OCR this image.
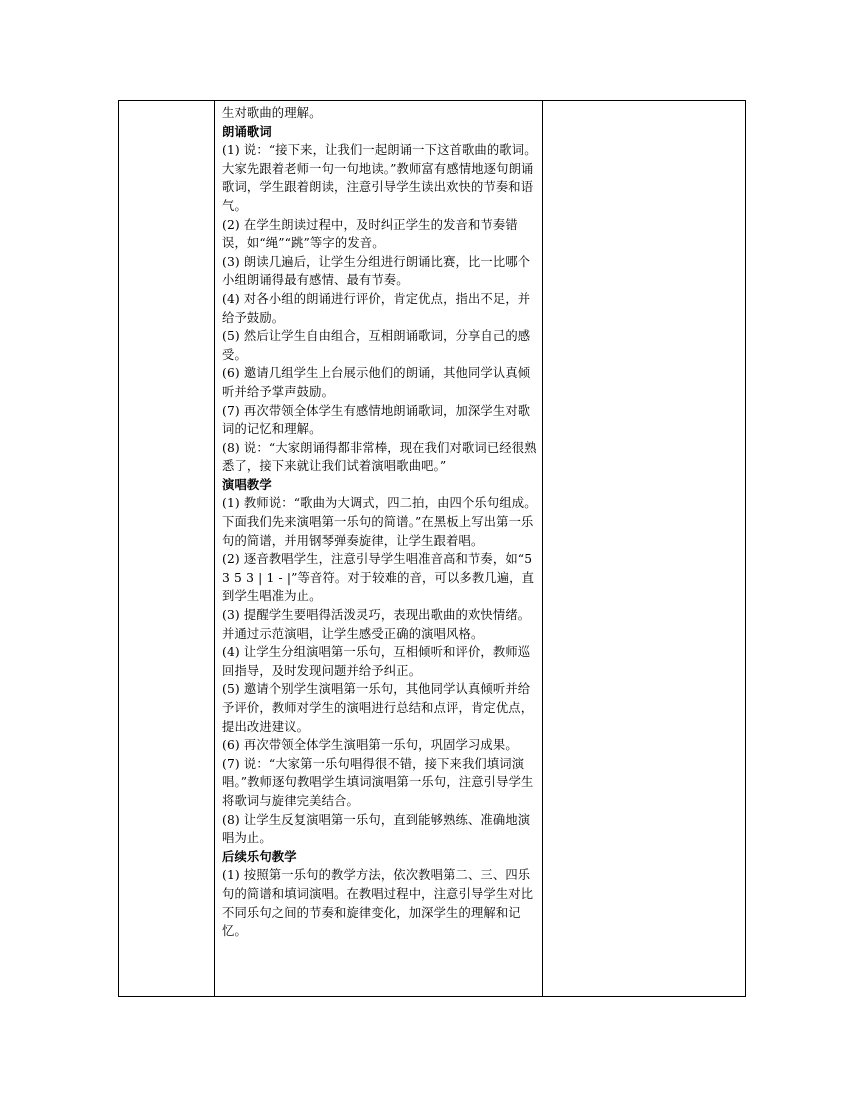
生对歌曲的理解。

朗诵歌词

(1) 说：“接下来，让我们一起朗诵一下这首歌曲的歌词。大家先跟着老师一句一句地读。”教师富有感情地逐句朗诵歌词，学生跟着朗读，注意引导学生读出欢快的节奏和语气。

(2) 在学生朗读过程中，及时纠正学生的发音和节奏错误，如“绳”“跳”等字的发音。

(3) 朗读几遍后，让学生分组进行朗诵比赛，比一比哪个小组朗诵得最有感情、最有节奏。

(4) 对各小组的朗诵进行评价，肯定优点，指出不足，并给予鼓励。

(5) 然后让学生自由组合，互相朗诵歌词，分享自己的感受。

(6) 邀请几组学生上台展示他们的朗诵，其他同学认真倾听并给予掌声鼓励。

(7) 再次带领全体学生有感情地朗诵歌词，加深学生对歌词的记忆和理解。

(8) 说：“大家朗诵得都非常棒，现在我们对歌词已经很熟悉了，接下来就让我们试着演唱歌曲吧。”

演唱教学

(1) 教师说：“歌曲为大调式，四二拍，由四个乐句组成。下面我们先来演唱第一乐句的简谱。”在黑板上写出第一乐句的简谱，并用钢琴弹奏旋律，让学生跟着唱。

(2) 逐音教唱学生，注意引导学生唱准音高和节奏，如“5 3 5 3 | 1 - |”等音符。对于较难的音，可以多教几遍，直到学生唱准为止。

(3) 提醒学生要唱得活泼灵巧，表现出歌曲的欢快情绪。并通过示范演唱，让学生感受正确的演唱风格。

(4) 让学生分组演唱第一乐句，互相倾听和评价，教师巡回指导，及时发现问题并给予纠正。

(5) 邀请个别学生演唱第一乐句，其他同学认真倾听并给予评价，教师对学生的演唱进行总结和点评，肯定优点，提出改进建议。

(6) 再次带领全体学生演唱第一乐句，巩固学习成果。

(7) 说：“大家第一乐句唱得很不错，接下来我们填词演唱。”教师逐句教唱学生填词演唱第一乐句，注意引导学生将歌词与旋律完美结合。

(8) 让学生反复演唱第一乐句，直到能够熟练、准确地演唱为止。

后续乐句教学

(1) 按照第一乐句的教学方法，依次教唱第二、三、四乐句的简谱和填词演唱。在教唱过程中，注意引导学生对比不同乐句之间的节奏和旋律变化，加深学生的理解和记忆。
